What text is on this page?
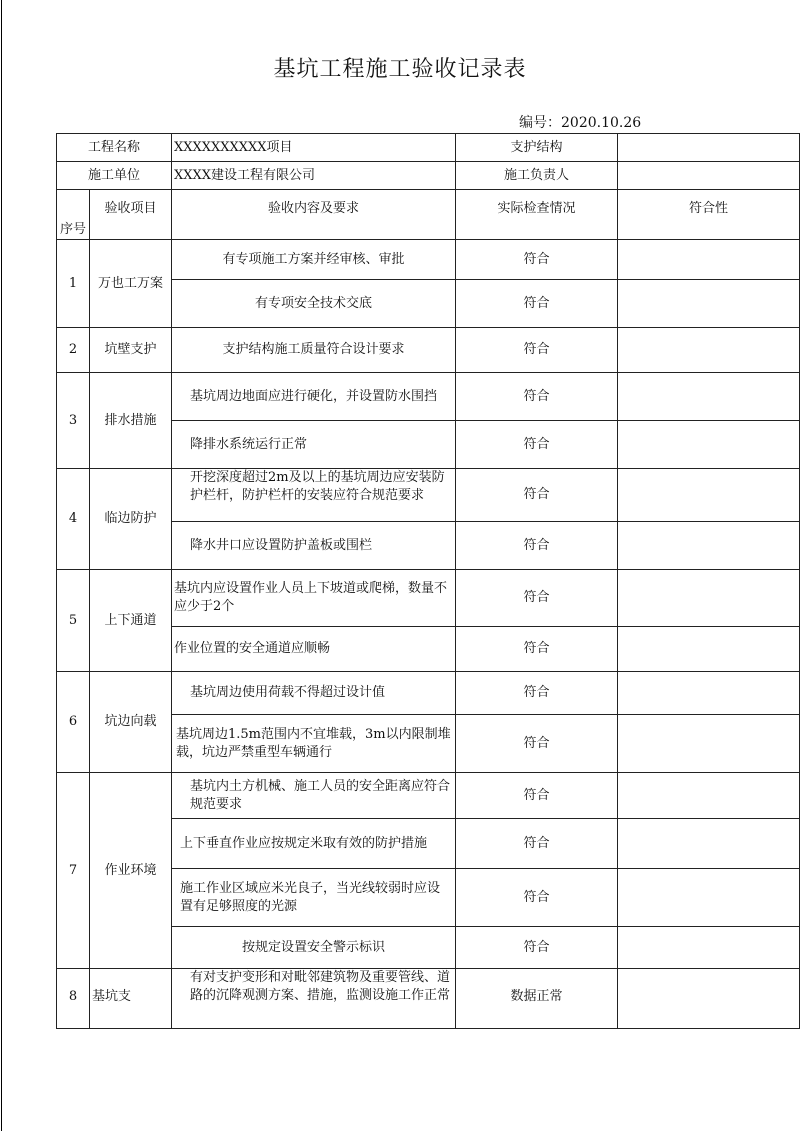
基坑工程施工验收记录表
编号：2020.10.26
工程名称		XXXXXXXXXX项目	支护结构	
施工单位		XXXX建设工程有限公司	施工负责人	
序号	验收项目	验收内容及要求	实际检查情况	符合性
1	万也工万案	有专项施工方案并经审核、审批	符合	
		有专项安全技术交底	符合	
2	坑壁支护	支护结构施工质量符合设计要求	符合	
3	排水措施	基坑周边地面应进行硬化，并设置防水围挡	符合	
		降排水系统运行正常	符合	
4	临边防护	开挖深度超过2m及以上的基坑周边应安装防护栏杆，防护栏杆的安装应符合规范要求	符合	
		降水井口应设置防护盖板或围栏	符合	
5	上下通道	基坑内应设置作业人员上下坡道或爬梯，数量不应少于2个	符合	
		作业位置的安全通道应顺畅	符合	
6	坑边向载	基坑周边使用荷载不得超过设计值	符合	
		基坑周边1.5m范围内不宜堆载，3m以内限制堆载，坑边严禁重型车辆通行	符合	
7	作业环境	基坑内土方机械、施工人员的安全距离应符合规范要求	符合	
		上下垂直作业应按规定米取有效的防护措施	符合	
		施工作业区域应米光良子，当光线较弱时应设置有足够照度的光源	符合	
		按规定设置安全警示标识	符合	
8	基坑支	有对支护变形和对毗邻建筑物及重要管线、道路的沉降观测方案、措施，监测设施工作正常	数据正常	
